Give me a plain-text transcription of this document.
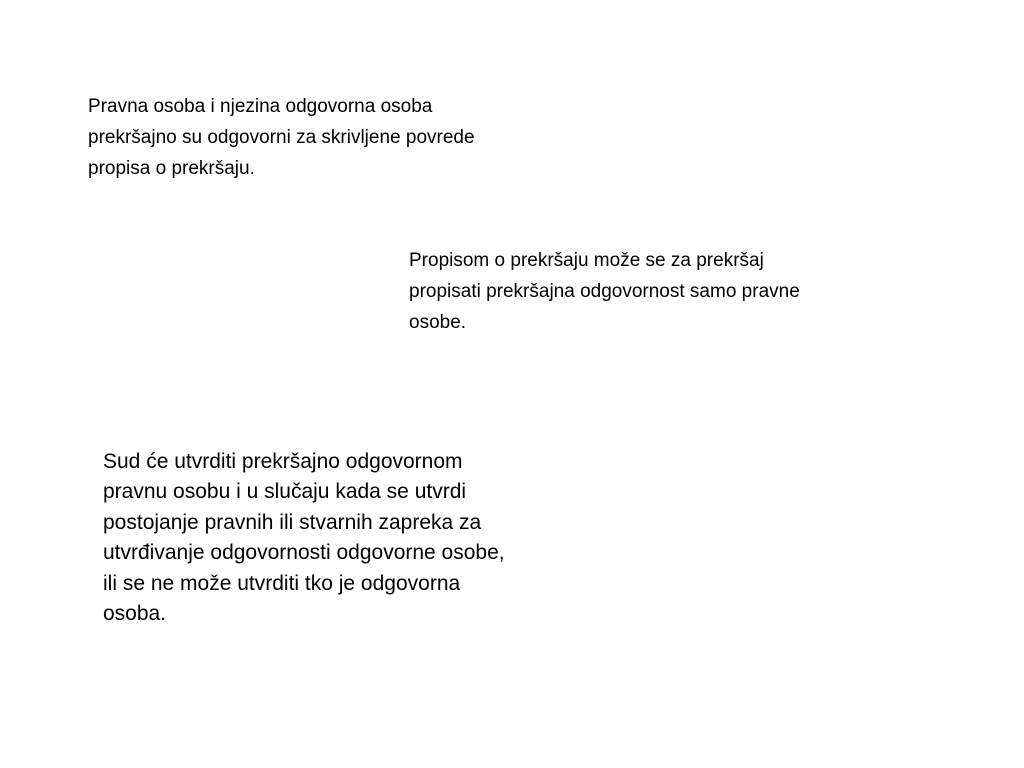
Pravna osoba i njezina odgovorna osoba
prekršajno su odgovorni za skrivljene povrede
propisa o prekršaju.
Propisom o prekršaju može se za prekršaj
propisati prekršajna odgovornost samo pravne
osobe.
Sud će utvrditi prekršajno odgovornom
pravnu osobu i u slučaju kada se utvrdi
postojanje pravnih ili stvarnih zapreka za
utvrđivanje odgovornosti odgovorne osobe,
ili se ne može utvrditi tko je odgovorna
osoba.
